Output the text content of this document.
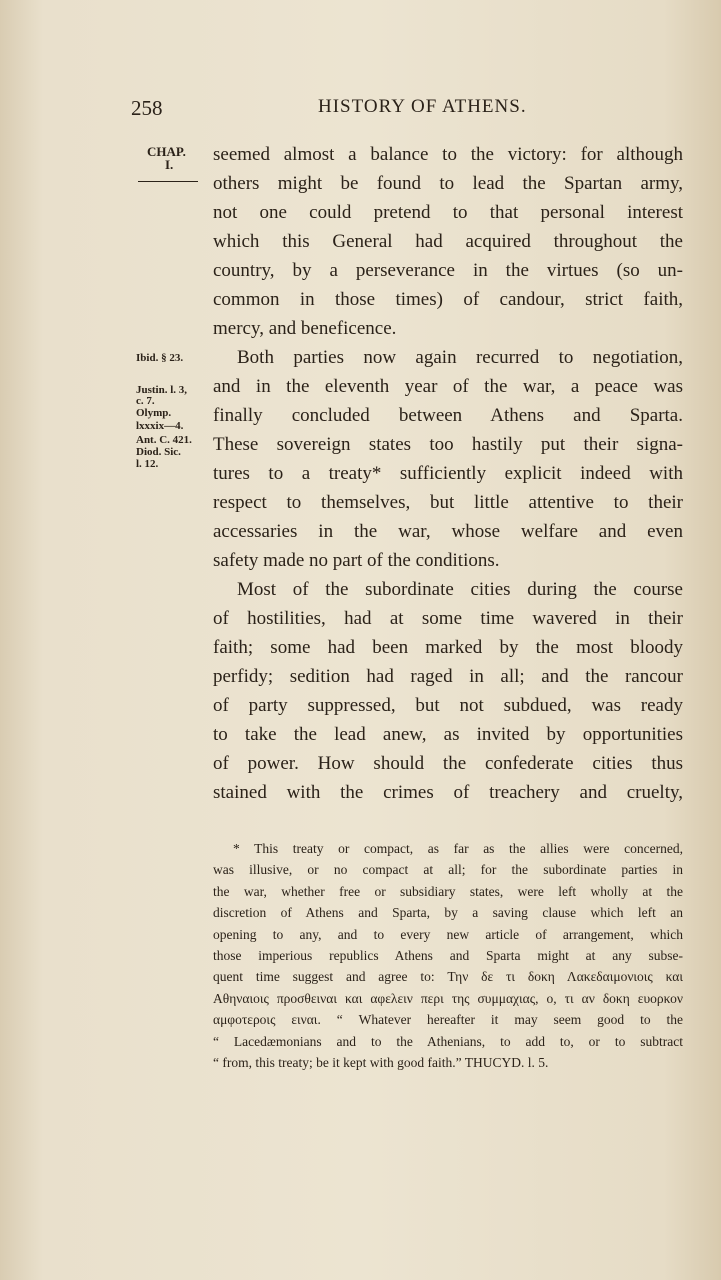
258	HISTORY OF ATHENS.
CHAP.
I.
Ibid. § 23.
Justin. l. 3,
c. 7.
Olymp.
lxxxix—4.
Ant. C. 421.
Diod. Sic.
l. 12.
seemed almost a balance to the victory: for although
others might be found to lead the Spartan army,
not one could pretend to that personal interest
which this General had acquired throughout the
country, by a perseverance in the virtues (so un-
common in those times) of candour, strict faith,
mercy, and beneficence.
Both parties now again recurred to negotiation,
and in the eleventh year of the war, a peace was
finally concluded between Athens and Sparta.
These sovereign states too hastily put their signa-
tures to a treaty* sufficiently explicit indeed with
respect to themselves, but little attentive to their
accessaries in the war, whose welfare and even
safety made no part of the conditions.
Most of the subordinate cities during the course
of hostilities, had at some time wavered in their
faith; some had been marked by the most bloody
perfidy; sedition had raged in all; and the rancour
of party suppressed, but not subdued, was ready
to take the lead anew, as invited by opportunities
of power. How should the confederate cities thus
stained with the crimes of treachery and cruelty,
* This treaty or compact, as far as the allies were concerned,
was illusive, or no compact at all; for the subordinate parties in
the war, whether free or subsidiary states, were left wholly at the
discretion of Athens and Sparta, by a saving clause which left an
opening to any, and to every new article of arrangement, which
those imperious republics Athens and Sparta might at any subse-
quent time suggest and agree to: Την δε τι δοκη Λακεδαιμονιοις και
Αθηναιοις προσθειναι και αφελειν περι της συμμαχιας, ο, τι αν δοκη ευορκον
αμφοτεροις ειναι. “ Whatever hereafter it may seem good to the
“ Lacedæmonians and to the Athenians, to add to, or to subtract
“ from, this treaty; be it kept with good faith.” THUCYD. l. 5.
